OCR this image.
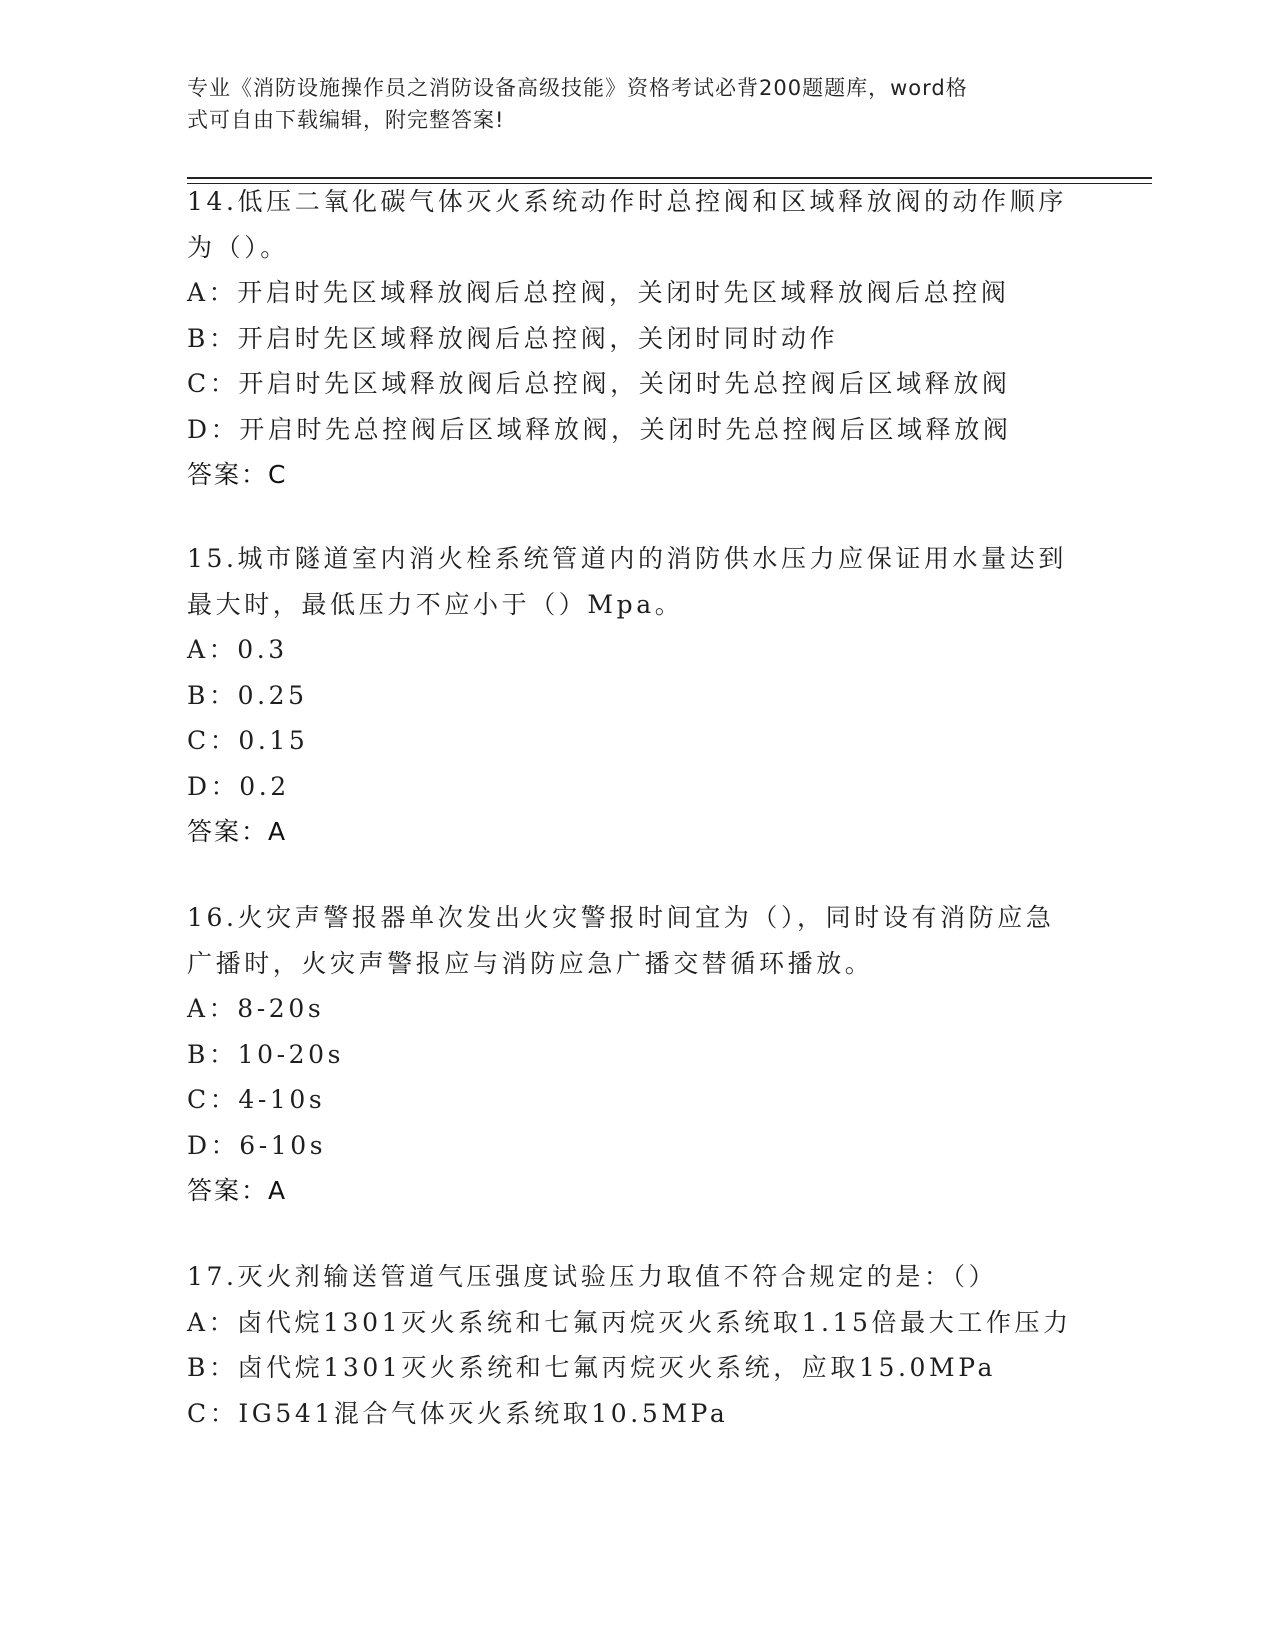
专业《消防设施操作员之消防设备高级技能》资格考试必背200题题库，word格
式可自由下载编辑，附完整答案!
14.低压二氧化碳气体灭火系统动作时总控阀和区域释放阀的动作顺序
为（）。
A：开启时先区域释放阀后总控阀，关闭时先区域释放阀后总控阀
B：开启时先区域释放阀后总控阀，关闭时同时动作
C：开启时先区域释放阀后总控阀，关闭时先总控阀后区域释放阀
D：开启时先总控阀后区域释放阀，关闭时先总控阀后区域释放阀
答案：C
15.城市隧道室内消火栓系统管道内的消防供水压力应保证用水量达到
最大时，最低压力不应小于（）Mpa。
A：0.3
B：0.25
C：0.15
D：0.2
答案：A
16.火灾声警报器单次发出火灾警报时间宜为（），同时设有消防应急
广播时，火灾声警报应与消防应急广播交替循环播放。
A：8-20s
B：10-20s
C：4-10s
D：6-10s
答案：A
17.灭火剂输送管道气压强度试验压力取值不符合规定的是：（）
A：卤代烷1301灭火系统和七氟丙烷灭火系统取1.15倍最大工作压力
B：卤代烷1301灭火系统和七氟丙烷灭火系统，应取15.0MPa
C：IG541混合气体灭火系统取10.5MPa
